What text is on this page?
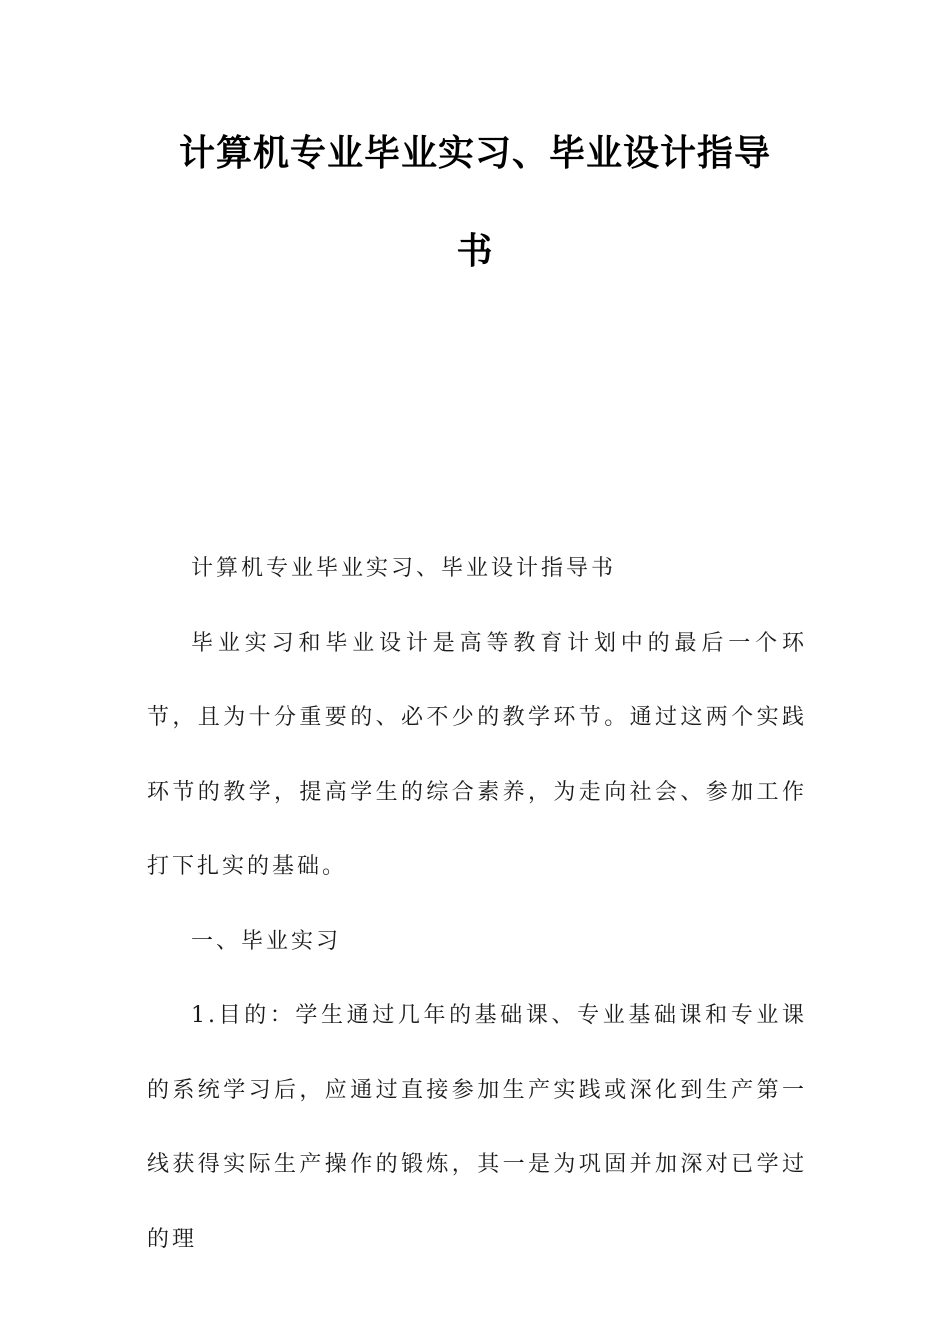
计算机专业毕业实习、毕业设计指导
书

计算机专业毕业实习、毕业设计指导书

毕业实习和毕业设计是高等教育计划中的最后一个环节，且为十分重要的、必不少的教学环节。通过这两个实践环节的教学，提高学生的综合素养，为走向社会、参加工作打下扎实的基础。

一、毕业实习

1.目的：学生通过几年的基础课、专业基础课和专业课的系统学习后，应通过直接参加生产实践或深化到生产第一线获得实际生产操作的锻炼，其一是为巩固并加深对已学过的理
